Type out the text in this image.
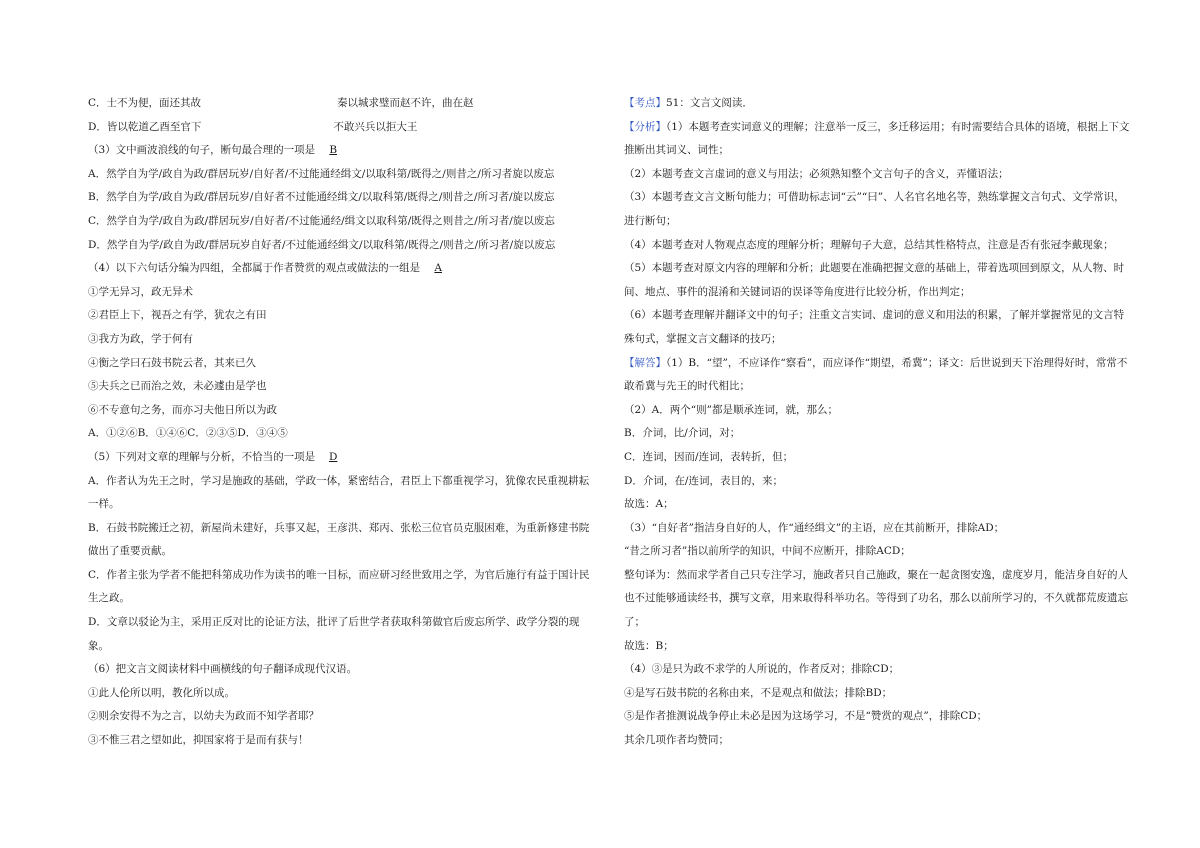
C．士不为便，面还其故	秦以城求璧而赵不许，曲在赵
D．皆以乾道乙酉至官下	不敢兴兵以拒大王
（3）文中画波浪线的句子，断句最合理的一项是 B
A．然学自为学/政自为政/群居玩岁/自好者/不过能通经缉文/以取科第/既得之/则昔之/所习者旋以废忘
B．然学自为学/政自为政/群居玩岁/自好者不过能通经缉文/以取科第/既得之/则昔之/所习者/旋以废忘
C．然学自为学/政自为政/群居玩岁/自好者/不过能通经/缉文以取科第/既得之则昔之/所习者/旋以废忘
D．然学自为学/政自为政/群居玩岁自好者/不过能通经缉文/以取科第/既得之/则昔之/所习者/旋以废忘
（4）以下六句话分编为四组，全都属于作者赞赏的观点或做法的一组是 A
①学无异习，政无异术
②君臣上下，视吾之有学，犹农之有田
③我方为政，学于何有
④衡之学曰石鼓书院云者，其来已久
⑤夫兵之已而治之效，未必遽由是学也
⑥不专意句之务，而亦习夫他日所以为政
A．①②⑥B．①④⑥C．②③⑤D．③④⑤
（5）下列对文章的理解与分析，不恰当的一项是 D
A．作者认为先王之时，学习是施政的基础，学政一体，紧密结合，君臣上下都重视学习，犹像农民重视耕耘一样。
B．石鼓书院搬迁之初，新屋尚未建好，兵事又起，王彦洪、郑丙、张松三位官员克服困难，为重新修建书院做出了重要贡献。
C．作者主张为学者不能把科第成功作为读书的唯一目标，而应研习经世致用之学，为官后施行有益于国计民生之政。
D．文章以驳论为主，采用正反对比的论证方法，批评了后世学者获取科第做官后废忘所学、政学分裂的现象。
（6）把文言文阅读材料中画横线的句子翻译成现代汉语。
①此人伦所以明，教化所以成。
②则余安得不为之言，以幼夫为政而不知学者耶？
③不惟三君之望如此，抑国家将于是而有获与！
【考点】51：文言文阅读．
【分析】（1）本题考查实词意义的理解；注意举一反三，多迁移运用；有时需要结合具体的语境，根据上下文推断出其词义、词性；
（2）本题考查文言虚词的意义与用法；必须熟知整个文言句子的含义，弄懂语法；
（3）本题考查文言文断句能力；可借助标志词“云”“曰”、人名官名地名等，熟练掌握文言句式、文学常识，进行断句；
（4）本题考查对人物观点态度的理解分析；理解句子大意，总结其性格特点，注意是否有张冠李戴现象；
（5）本题考查对原文内容的理解和分析；此题要在准确把握文意的基础上，带着选项回到原文，从人物、时间、地点、事件的混淆和关键词语的误译等角度进行比较分析，作出判定；
（6）本题考查理解并翻译文中的句子；注重文言实词、虚词的意义和用法的积累，了解并掌握常见的文言特殊句式，掌握文言文翻译的技巧；
【解答】（1）B．“望”，不应译作“察看”，而应译作“期望，希冀”；译文：后世说到天下治理得好时，常常不敢希冀与先王的时代相比；
（2）A．两个“则”都是顺承连词，就，那么；
B．介词，比/介词，对；
C．连词，因而/连词，表转折，但；
D．介词，在/连词，表目的，来；
故选：A；
（3）“自好者”指洁身自好的人，作“通经缉文”的主语，应在其前断开，排除AD；
“昔之所习者”指以前所学的知识，中间不应断开，排除ACD；
整句译为：然而求学者自己只专注学习，施政者只自己施政，聚在一起贪图安逸，虚度岁月，能洁身自好的人也不过能够通读经书，撰写文章，用来取得科举功名。等得到了功名，那么以前所学习的，不久就都荒废遗忘了；
故选：B；
（4）③是只为政不求学的人所说的，作者反对；排除CD；
④是写石鼓书院的名称由来，不是观点和做法；排除BD；
⑤是作者推测说战争停止未必是因为这场学习，不是“赞赏的观点”，排除CD；
其余几项作者均赞同；
